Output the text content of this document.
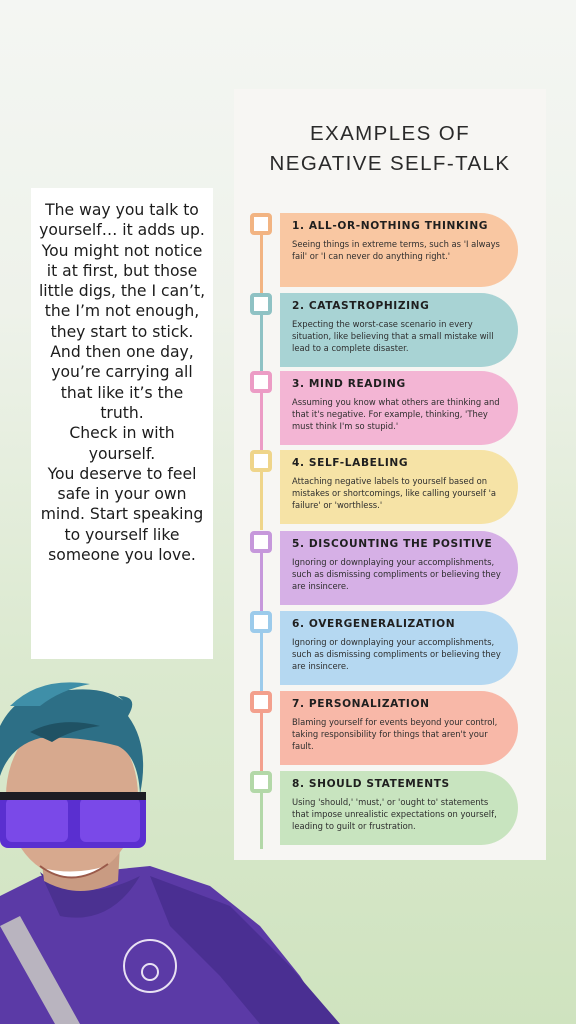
The way you talk to yourself… it adds up.

You might not notice it at first, but those little digs, the I can’t, the I’m not enough, they start to stick.

And then one day, you’re carrying all that like it’s the truth.

Check in with yourself.

You deserve to feel safe in your own mind. Start speaking to yourself like someone you love.

EXAMPLES OF
NEGATIVE SELF-TALK
1. ALL-OR-NOTHING THINKING
Seeing things in extreme terms, such as 'I always fail' or 'I can never do anything right.'
2. CATASTROPHIZING
Expecting the worst-case scenario in every situation, like believing that a small mistake will lead to a complete disaster.
3. MIND READING
Assuming you know what others are thinking and that it's negative. For example, thinking, 'They must think I'm so stupid.'
4. SELF-LABELING
Attaching negative labels to yourself based on mistakes or shortcomings, like calling yourself 'a failure' or 'worthless.'
5. DISCOUNTING THE POSITIVE
Ignoring or downplaying your accomplishments, such as dismissing compliments or believing they are insincere.
6. OVERGENERALIZATION
Ignoring or downplaying your accomplishments, such as dismissing compliments or believing they are insincere.
7. PERSONALIZATION
Blaming yourself for events beyond your control, taking responsibility for things that aren't your fault.
8. SHOULD STATEMENTS
Using 'should,' 'must,' or 'ought to' statements that impose unrealistic expectations on yourself, leading to guilt or frustration.
